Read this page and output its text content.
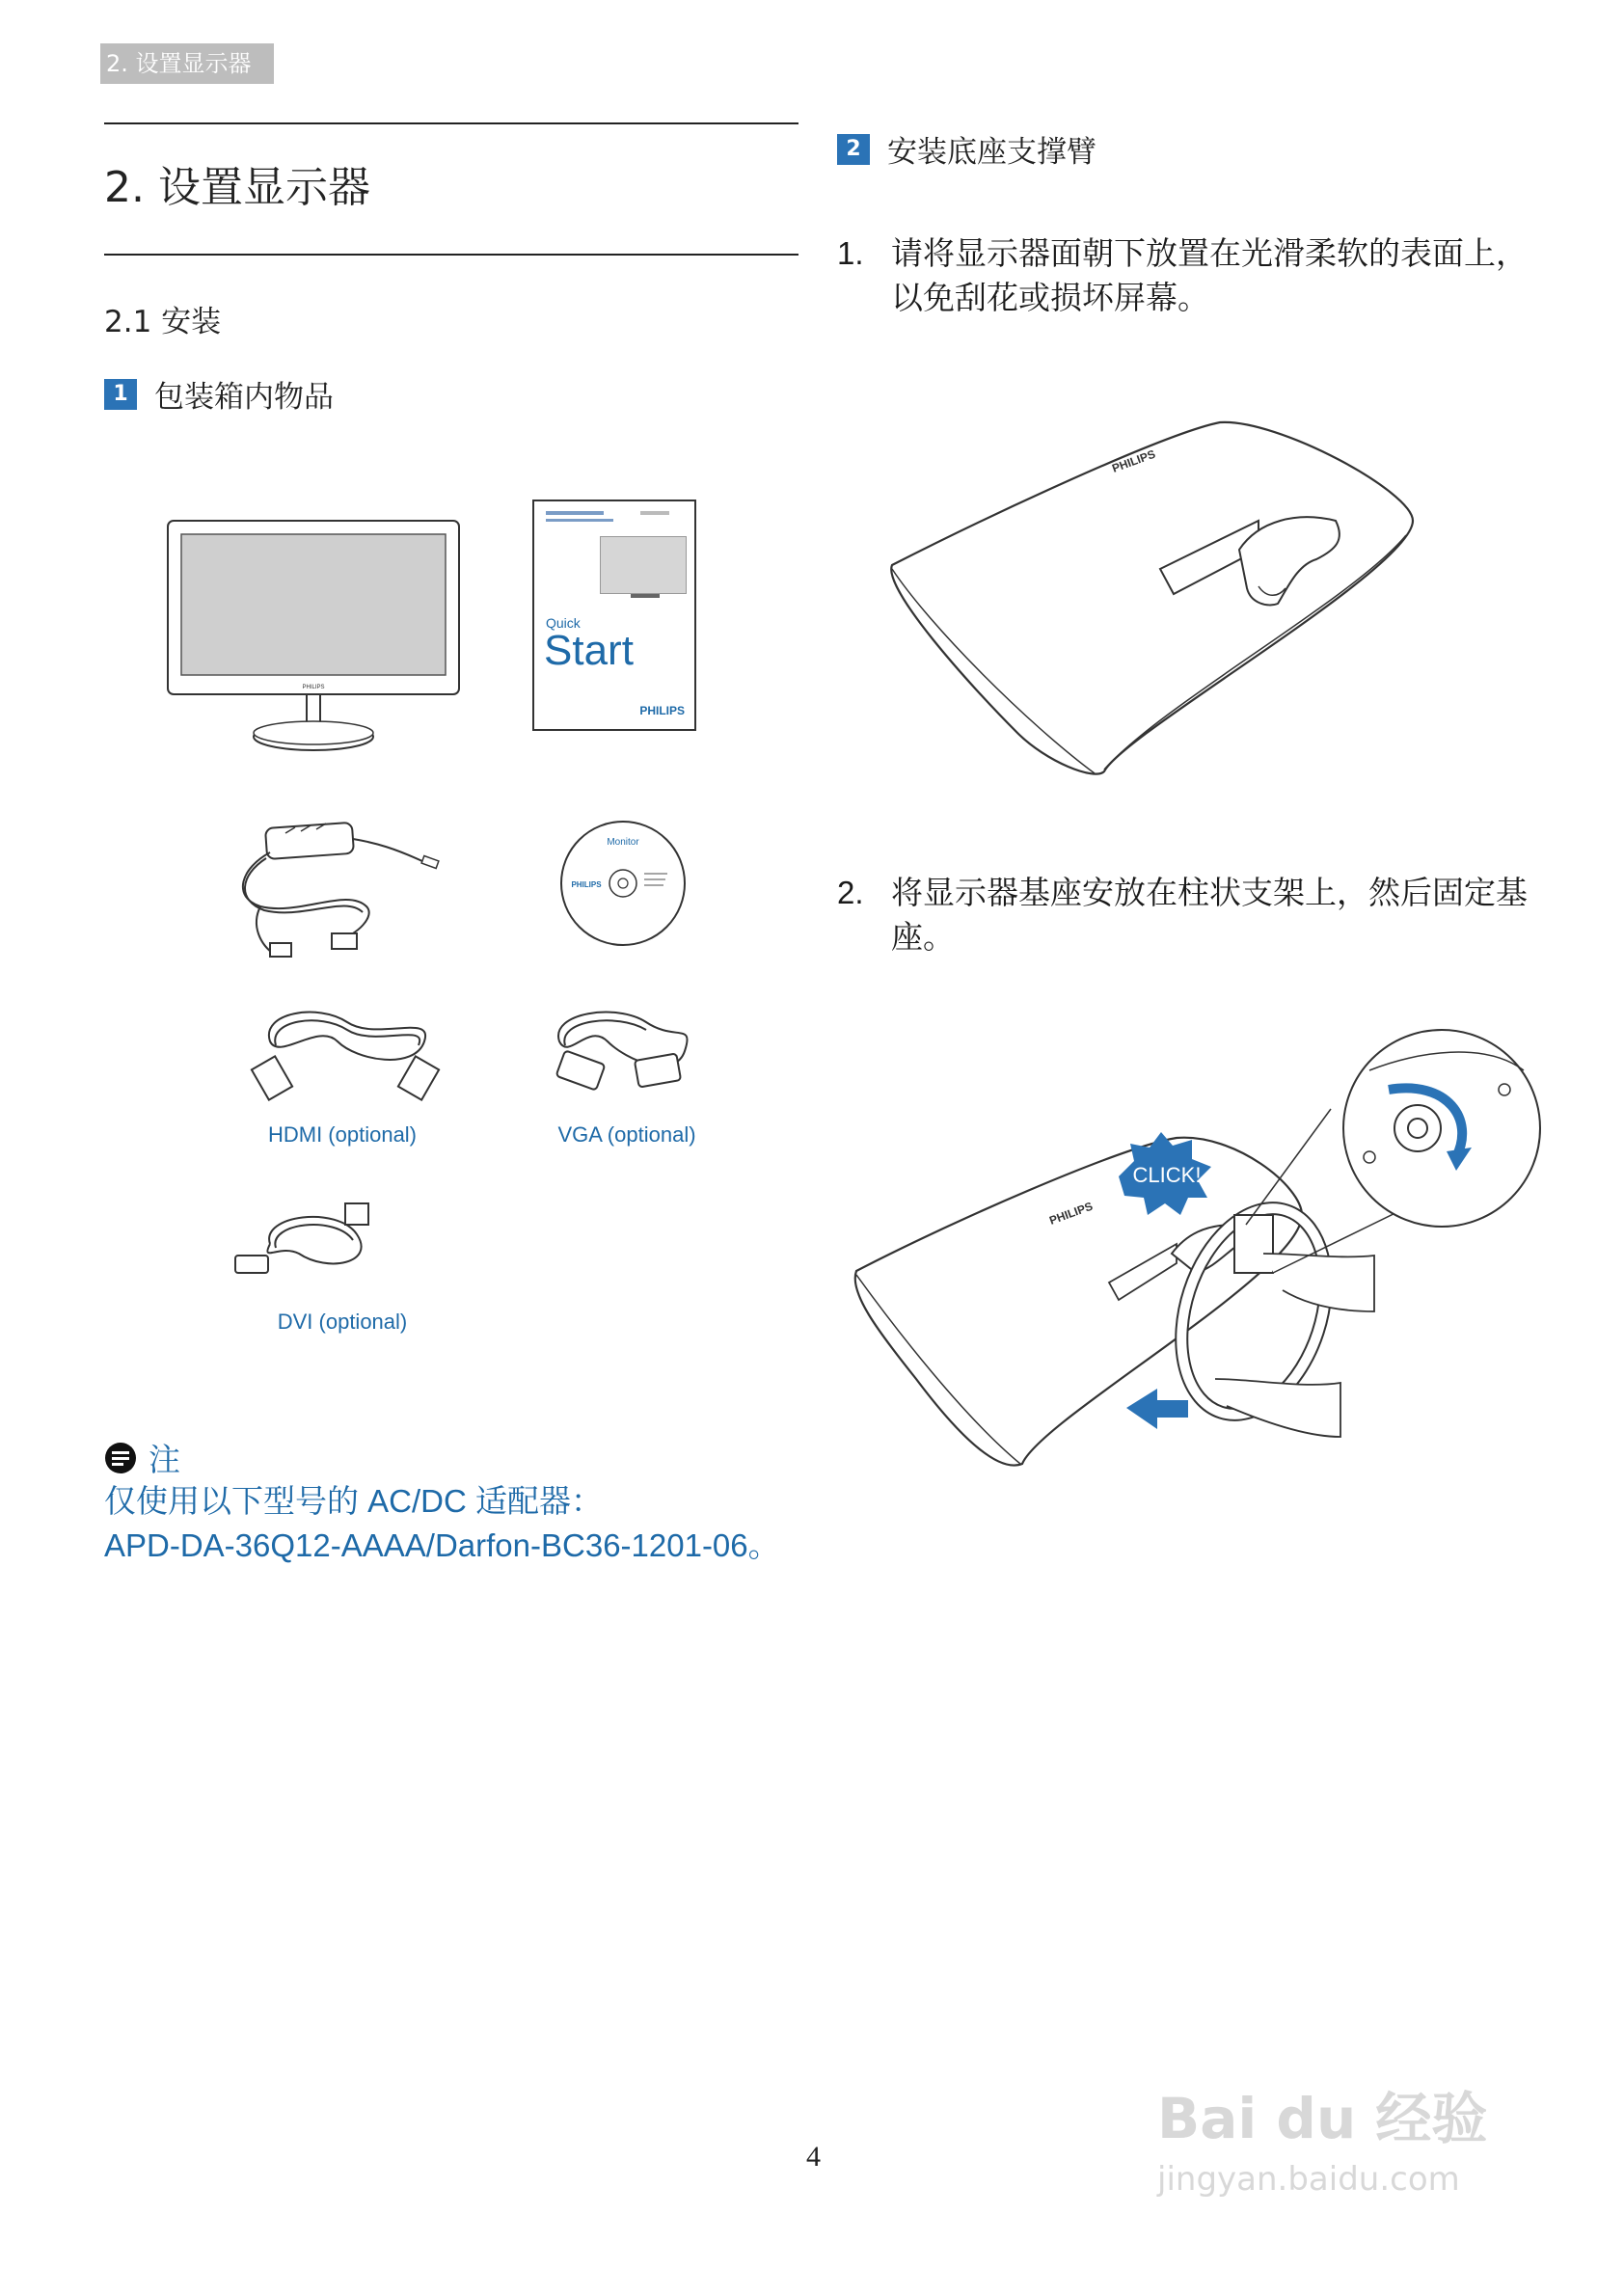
2. 设置显示器
2. 设置显示器
2.1 安装
1 包装箱内物品
PHILIPS
Quick
Start
PHILIPS
Monitor
PHILIPS
HDMI (optional)	VGA (optional)
DVI (optional)
注
仅使用以下型号的 AC/DC 适配器：
APD-DA-36Q12-AAAA/Darfon-BC36-1201-06。
2 安装底座支撑臂
1. 请将显示器面朝下放置在光滑柔软的表面上，以免刮花或损坏屏幕。
PHILIPS
2. 将显示器基座安放在柱状支架上，然后固定基座。
PHILIPS
CLICK!
4
Bai du 经验
jingyan.baidu.com
